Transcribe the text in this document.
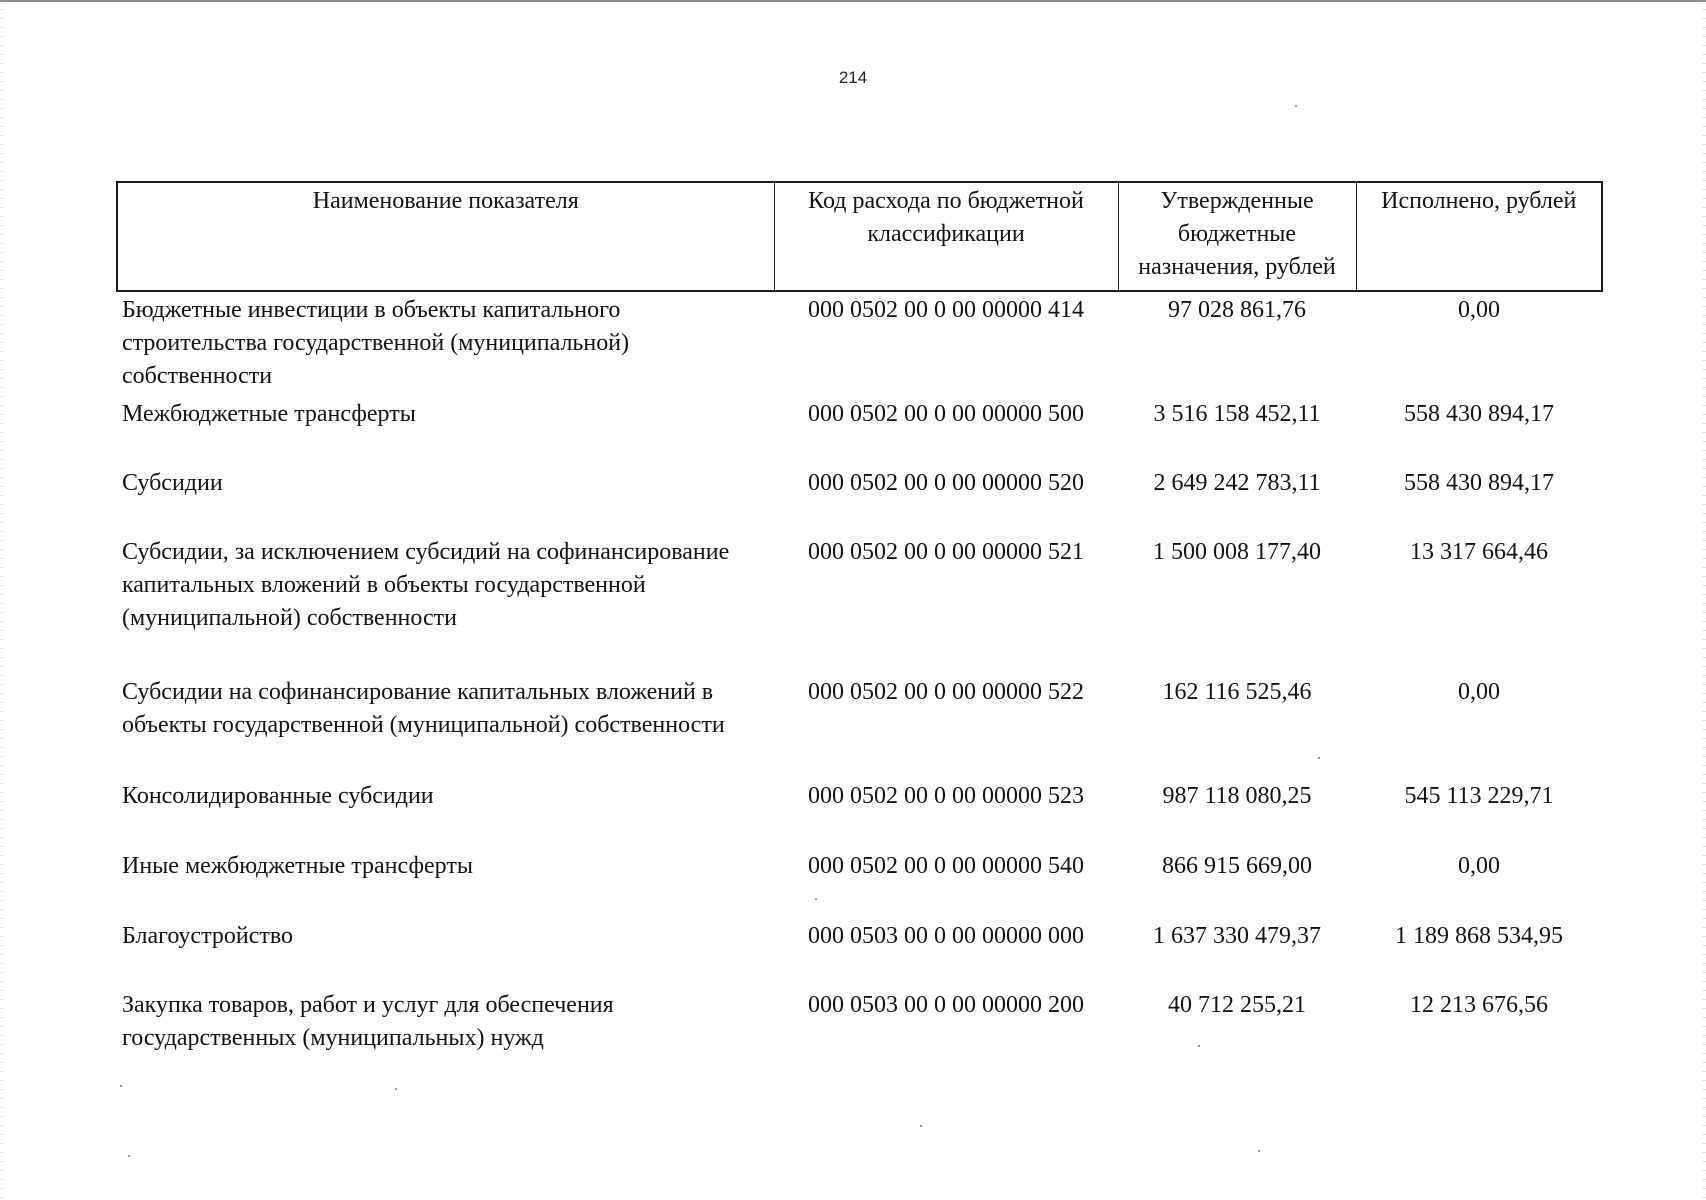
214
Наименование показателя	Код расхода по бюджетной классификации	Утвержденные бюджетные назначения, рублей	Исполнено, рублей
Бюджетные инвестиции в объекты капитального строительства государственной (муниципальной) собственности	000 0502 00 0 00 00000 414	97 028 861,76	0,00
Межбюджетные трансферты	000 0502 00 0 00 00000 500	3 516 158 452,11	558 430 894,17
Субсидии	000 0502 00 0 00 00000 520	2 649 242 783,11	558 430 894,17
Субсидии, за исключением субсидий на софинансирование капитальных вложений в объекты государственной (муниципальной) собственности	000 0502 00 0 00 00000 521	1 500 008 177,40	13 317 664,46
Субсидии на софинансирование капитальных вложений в объекты государственной (муниципальной) собственности	000 0502 00 0 00 00000 522	162 116 525,46	0,00
Консолидированные субсидии	000 0502 00 0 00 00000 523	987 118 080,25	545 113 229,71
Иные межбюджетные трансферты	000 0502 00 0 00 00000 540	866 915 669,00	0,00
Благоустройство	000 0503 00 0 00 00000 000	1 637 330 479,37	1 189 868 534,95
Закупка товаров, работ и услуг для обеспечения государственных (муниципальных) нужд	000 0503 00 0 00 00000 200	40 712 255,21	12 213 676,56
